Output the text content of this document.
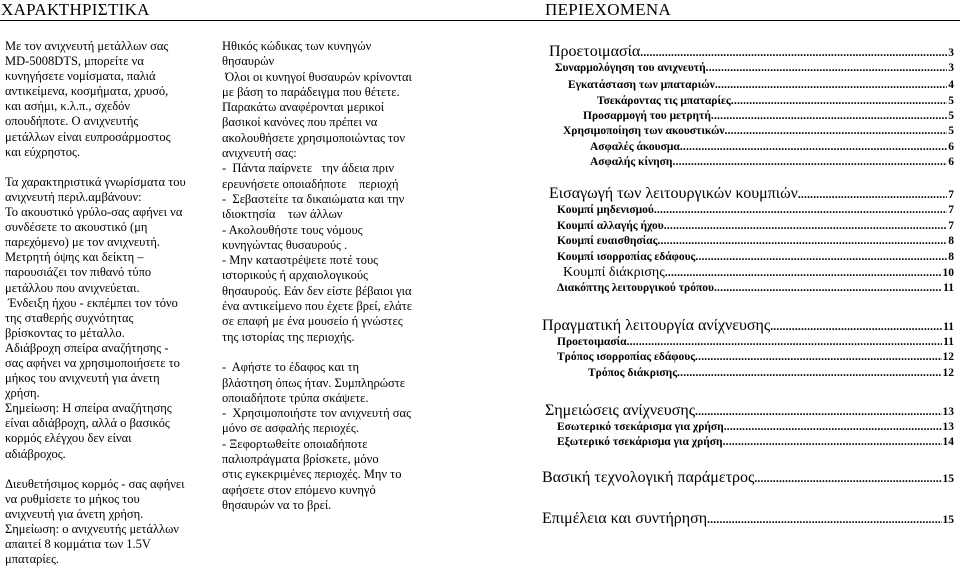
ΧΑΡΑΚΤΗΡΙΣΤΙΚΑ	ΠΕΡΙΕΧΟΜΕΝΑ
Με τον ανιχνευτή μετάλλων σας
MD-5008DTS, μπορείτε να
κυνηγήσετε νομίσματα, παλιά
αντικείμενα, κοσμήματα, χρυσό,
και ασήμι, κ.λ.π., σχεδόν
οπουδήποτε. Ο ανιχνευτής
μετάλλων είναι ευπροσάρμοστος
και εύχρηστος.
Τα χαρακτηριστικά γνωρίσματα του
ανιχνευτή περιλ.αμβάνουν:
Το ακουστικό γρύλο-σας αφήνει να
συνδέσετε το ακουστικό (μη
παρεχόμενο) με τον ανιχνευτή.
Μετρητή όψης και δείκτη –
παρουσιάζει τον πιθανό τύπο
μετάλλου που ανιχνεύεται.
Ένδειξη ήχου - εκπέμπει τον τόνο
της σταθερής συχνότητας
βρίσκοντας το μέταλλο.
Αδιάβροχη σπείρα αναζήτησης -
σας αφήνει να χρησιμοποιήσετε το
μήκος του ανιχνευτή για άνετη
χρήση.
Σημείωση: Η σπείρα αναζήτησης
είναι αδιάβροχη, αλλά ο βασικός
κορμός ελέγχου δεν είναι
αδιάβροχος.
Διευθετήσιμος κορμός - σας αφήνει
να ρυθμίσετε το μήκος του
ανιχνευτή για άνετη χρήση.
Σημείωση: ο ανιχνευτής μετάλλων
απαιτεί 8 κομμάτια των 1.5V
μπαταρίες.
Ηθικός κώδικας των κυνηγών
θησαυρών
Όλοι οι κυνηγοί θυσαυρών κρίνονται
με βάση το παράδειγμα που θέτετε.
Παρακάτω αναφέρονται μερικοί
βασικοί κανόνες που πρέπει να
ακολουθήσετε χρησιμοποιώντας τον
ανιχνευτή σας:
-  Πάντα παίρνετε   την άδεια πριν
ερευνήσετε οποιαδήποτε    περιοχή
-  Σεβαστείτε τα δικαιώματα και την
ιδιοκτησία    των άλλων
- Ακολουθήστε τους νόμους
κυνηγώντας θυσαυρούς .
- Μην καταστρέψετε ποτέ τους
ιστορικούς ή αρχαιολογικούς
θησαυρούς. Εάν δεν είστε βέβαιοι για
ένα αντικείμενο που έχετε βρεί, ελάτε
σε επαφή με ένα μουσείο ή γνώστες
της ιστορίας της περιοχής.
-  Αφήστε το έδαφος και τη
βλάστηση όπως ήταν. Συμπληρώστε
οποιαδήποτε τρύπα σκάψετε.
-  Χρησιμοποιήστε τον ανιχνευτή σας
μόνο σε ασφαλής περιοχές.
- Ξεφορτωθείτε οποιαδήποτε
παλιοπράγματα βρίσκετε, μόνο
στις εγκεκριμένες περιοχές. Μην το
αφήσετε στον επόμενο κυνηγό
θησαυρών να το βρεί.
Προετοιμασία .....	3
Συναρμολόγηση του ανιχνευτή .....	3
Εγκατάσταση των μπαταριών .....	4
Τσεκάροντας τις μπαταρίες .....	5
Προσαρμογή του μετρητή .....	5
Χρησιμοποίηση των ακουστικών .....	5
Ασφαλές άκουσμα .....	6
Ασφαλής κίνηση .....	6
Εισαγωγή των λειτουργικών κουμπιών .....	7
Κουμπί μηδενισμού .....	7
Κουμπί αλλαγής ήχου .....	7
Κουμπί ευαισθησίας .....	8
Κουμπί ισορροπίας εδάφους .....	8
Κουμπί διάκρισης .....	10
Διακόπτης λειτουργικού τρόπου .....	11
Πραγματική λειτουργία ανίχνευσης .....	11
Προετοιμασία .....	11
Τρόπος ισορροπίας εδάφους .....	12
Τρόπος διάκρισης .....	12
Σημειώσεις ανίχνευσης .....	13
Εσωτερικό τσεκάρισμα για χρήση .....	13
Εξωτερικό τσεκάρισμα για χρήση .....	14
Βασική τεχνολογική παράμετρος .....	15
Επιμέλεια και συντήρηση .....	15
